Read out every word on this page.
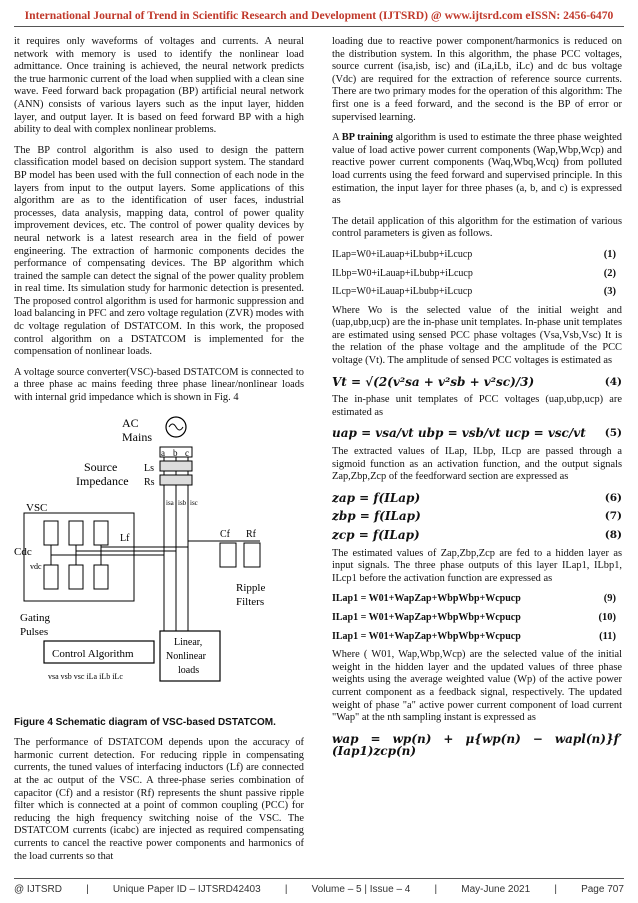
International Journal of Trend in Scientific Research and Development (IJTSRD) @ www.ijtsrd.com eISSN: 2456-6470

it requires only waveforms of voltages and currents. A neural network with memory is used to identify the nonlinear load admittance. Once training is achieved, the neural network predicts the true harmonic current of the load when supplied with a clean sine wave. Feed forward back propagation (BP) artificial neural network (ANN) consists of various layers such as the input layer, hidden layer, and output layer. It is based on feed forward BP with a high ability to deal with complex nonlinear problems.

The BP control algorithm is also used to design the pattern classification model based on decision support system. The standard BP model has been used with the full connection of each node in the layers from input to the output layers. Some applications of this algorithm are as to the identification of user faces, industrial processes, data analysis, mapping data, control of power quality improvement devices, etc. The control of power quality devices by neural network is a latest research area in the field of power engineering. The extraction of harmonic components decides the performance of compensating devices. The BP algorithm which trained the sample can detect the signal of the power quality problem in real time. Its simulation study for harmonic detection is presented. The proposed control algorithm is used for harmonic suppression and load balancing in PFC and zero voltage regulation (ZVR) modes with dc voltage regulation of DSTATCOM. In this work, the proposed control algorithm on a DSTATCOM is implemented for the compensation of nonlinear loads.

A voltage source converter(VSC)-based DSTATCOM is connected to a three phase ac mains feeding three phase linear/nonlinear loads with internal grid impedance which is shown in Fig. 4

AC
Mains
a b c
Source
Impedance
Ls
Rs
isa isb isc
VSC
Cdc
vdc
Lf	Cf Rf
Ripple
Filters
Gating
Pulses
Control Algorithm
Linear,
Nonlinear
loads
vsa vsb vsc iLa iLb iLc
Figure 4 Schematic diagram of VSC-based DSTATCOM.

The performance of DSTATCOM depends upon the accuracy of harmonic current detection. For reducing ripple in compensating currents, the tuned values of interfacing inductors (Lf) are connected at the ac output of the VSC. A three-phase series combination of capacitor (Cf) and a resistor (Rf) represents the shunt passive ripple filter which is connected at a point of common coupling (PCC) for reducing the high frequency switching noise of the VSC. The DSTATCOM currents (icabc) are injected as required compensating currents to cancel the reactive power components and harmonics of the load currents so that

loading due to reactive power component/harmonics is reduced on the distribution system. In this algorithm, the phase PCC voltages, source current (isa,isb, isc) and (iLa,iLb, iLc) and dc bus voltage (Vdc) are required for the extraction of reference source currents. There are two primary modes for the operation of this algorithm: The first one is a feed forward, and the second is the BP of error or supervised learning.

A BP training algorithm is used to estimate the three phase weighted value of load active power current components (Wap,Wbp,Wcp) and reactive power current components (Waq,Wbq,Wcq) from polluted load currents using the feed forward and supervised principle. In this estimation, the input layer for three phases (a, b, and c) is expressed as

The detail application of this algorithm for the estimation of various control parameters is given as follows.

ILap=W0+iLauap+iLbubp+iLcucp	(1)
ILbp=W0+iLauap+iLbubp+iLcucp	(2)
ILcp=W0+iLauap+iLbubp+iLcucp	(3)

Where Wo is the selected value of the initial weight and (uap,ubp,ucp) are the in-phase unit templates. In-phase unit templates are estimated using sensed PCC phase voltages (Vsa,Vsb,Vsc) It is the relation of the phase voltage and the amplitude of the PCC voltage (Vt). The amplitude of sensed PCC voltages is estimated as

Vt = √(2(v²sa + v²sb + v²sc)/3)	(4)

The in-phase unit templates of PCC voltages (uap,ubp,ucp) are estimated as

uap = vsa/vt ubp = vsb/vt ucp = vsc/vt (5)

The extracted values of ILap, ILbp, ILcp are passed through a sigmoid function as an activation function, and the output signals Zap,Zbp,Zcp of the feedforward section are expressed as

zap = f(ILap)	(6)
zbp = f(ILap)	(7)
zcp = f(ILap)	(8)

The estimated values of Zap,Zbp,Zcp are fed to a hidden layer as input signals. The three phase outputs of this layer ILap1, ILbp1, ILcp1 before the activation function are expressed as

ILap1 = W01+WapZap+WbpWbp+Wcpucp	(9)
ILap1 = W01+WapZap+WbpWbp+Wcpucp	(10)
ILap1 = W01+WapZap+WbpWbp+Wcpucp	(11)

Where ( W01, Wap,Wbp,Wcp) are the selected value of the initial weight in the hidden layer and the updated values of three phase weights using the average weighted value (Wp) of the active power current component as a feedback signal, respectively. The updated weight of phase "a" active power current component of load current "Wap" at the nth sampling instant is expressed as

wap = wp(n) + μ{wp(n) − wapl(n)}f′(Iap1)zcp(n)
@ IJTSRD | Unique Paper ID – IJTSRD42403 | Volume – 5 | Issue – 4 | May-June 2021 | Page 707
